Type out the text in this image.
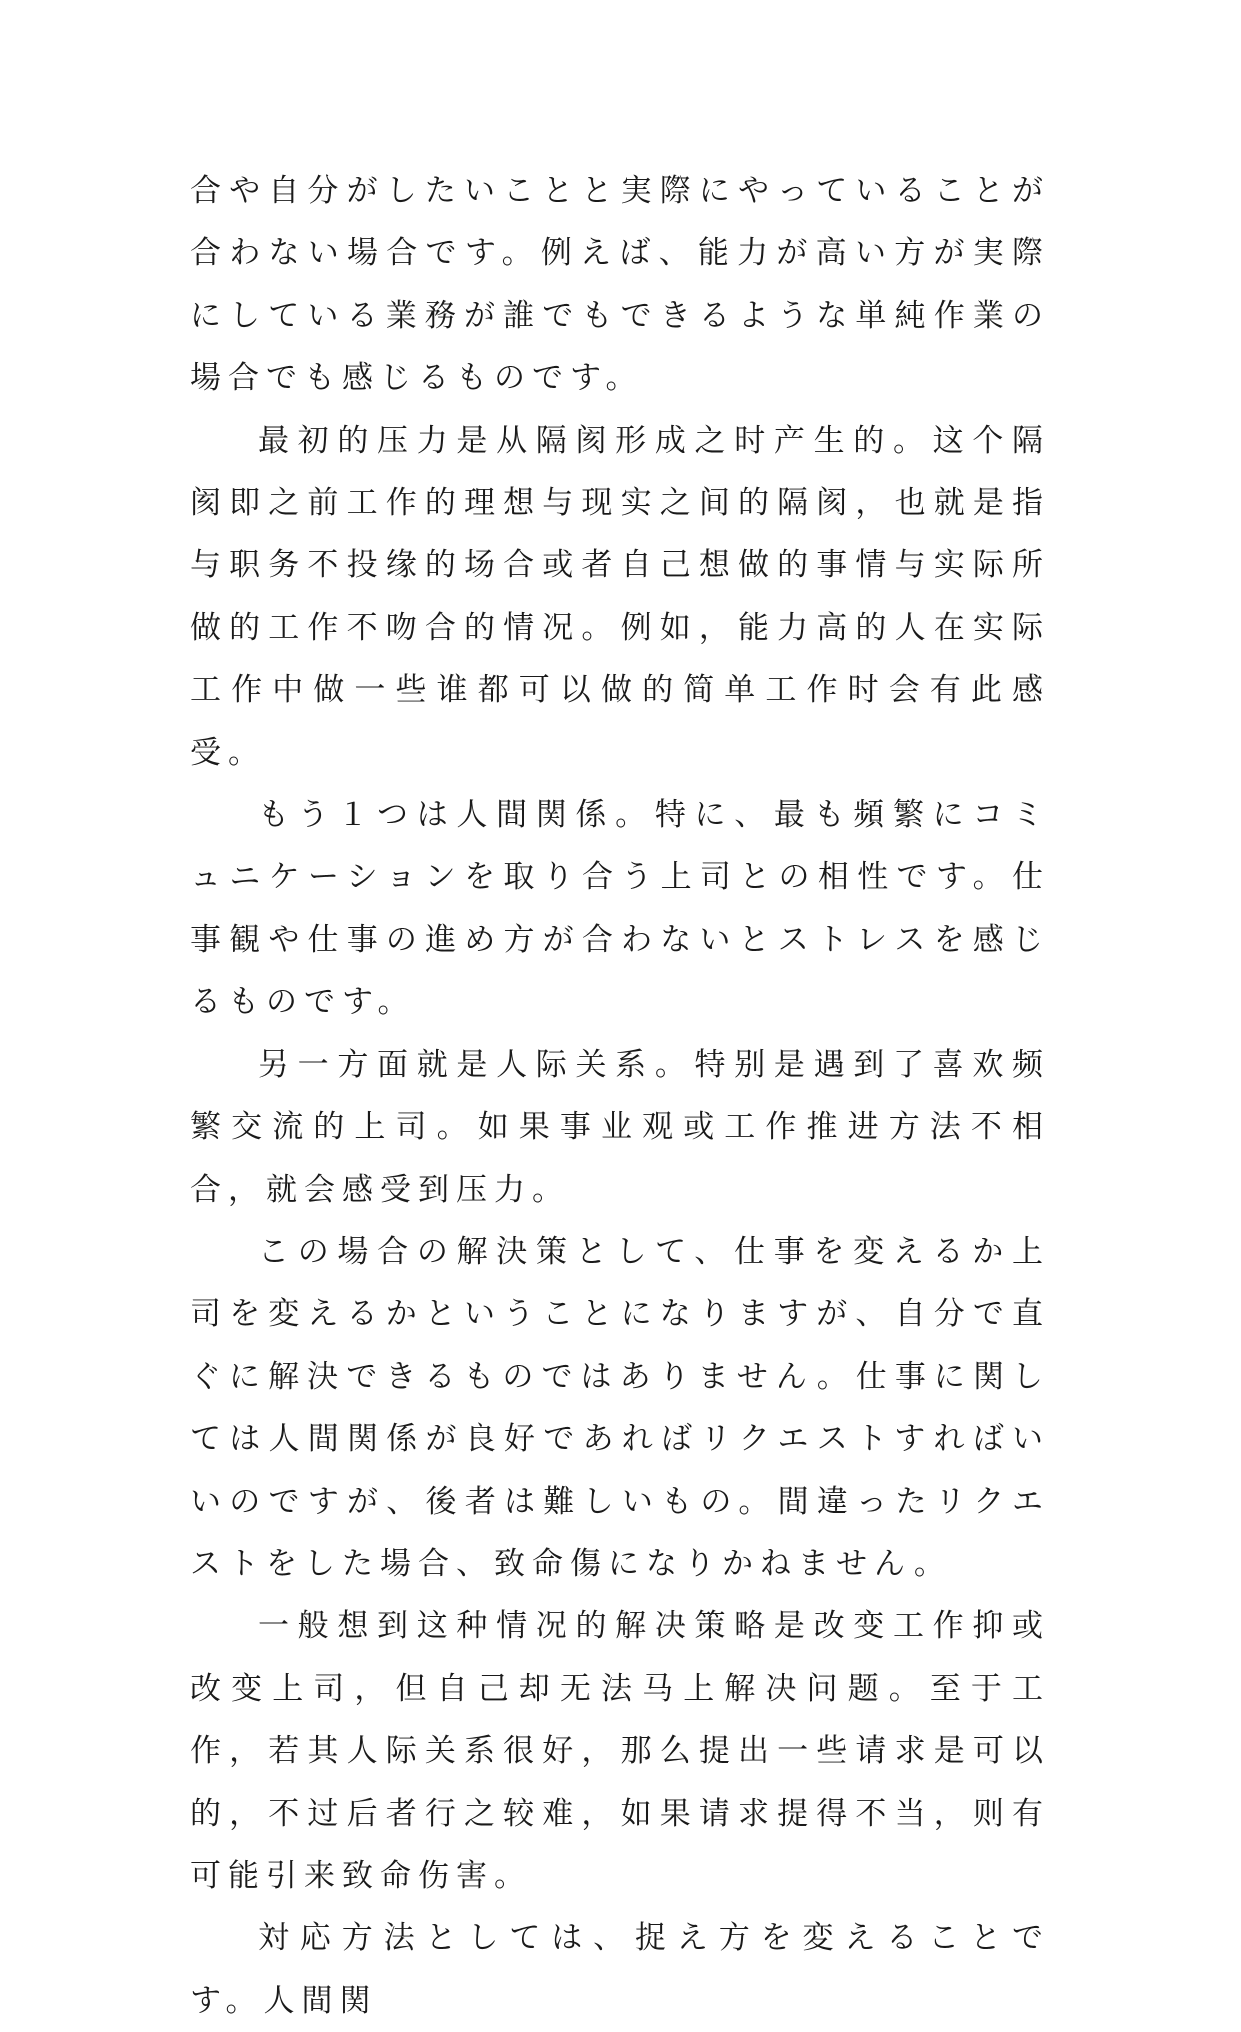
合や自分がしたいことと実際にやっていることが合わない場合です。例えば、能力が高い方が実際にしている業務が誰でもできるような単純作業の場合でも感じるものです。

最初的压力是从隔阂形成之时产生的。这个隔阂即之前工作的理想与现实之间的隔阂，也就是指与职务不投缘的场合或者自己想做的事情与实际所做的工作不吻合的情况。例如，能力高的人在实际工作中做一些谁都可以做的简单工作时会有此感受。

もう１つは人間関係。特に、最も頻繁にコミュニケーションを取り合う上司との相性です。仕事観や仕事の進め方が合わないとストレスを感じるものです。

另一方面就是人际关系。特别是遇到了喜欢频繁交流的上司。如果事业观或工作推进方法不相合，就会感受到压力。

この場合の解決策として、仕事を変えるか上司を変えるかということになりますが、自分で直ぐに解決できるものではありません。仕事に関しては人間関係が良好であればリクエストすればいいのですが、後者は難しいもの。間違ったリクエストをした場合、致命傷になりかねません。

一般想到这种情况的解决策略是改变工作抑或改变上司，但自己却无法马上解决问题。至于工作，若其人际关系很好，那么提出一些请求是可以的，不过后者行之较难，如果请求提得不当，则有可能引来致命伤害。

対応方法としては、捉え方を変えることです。人間関
